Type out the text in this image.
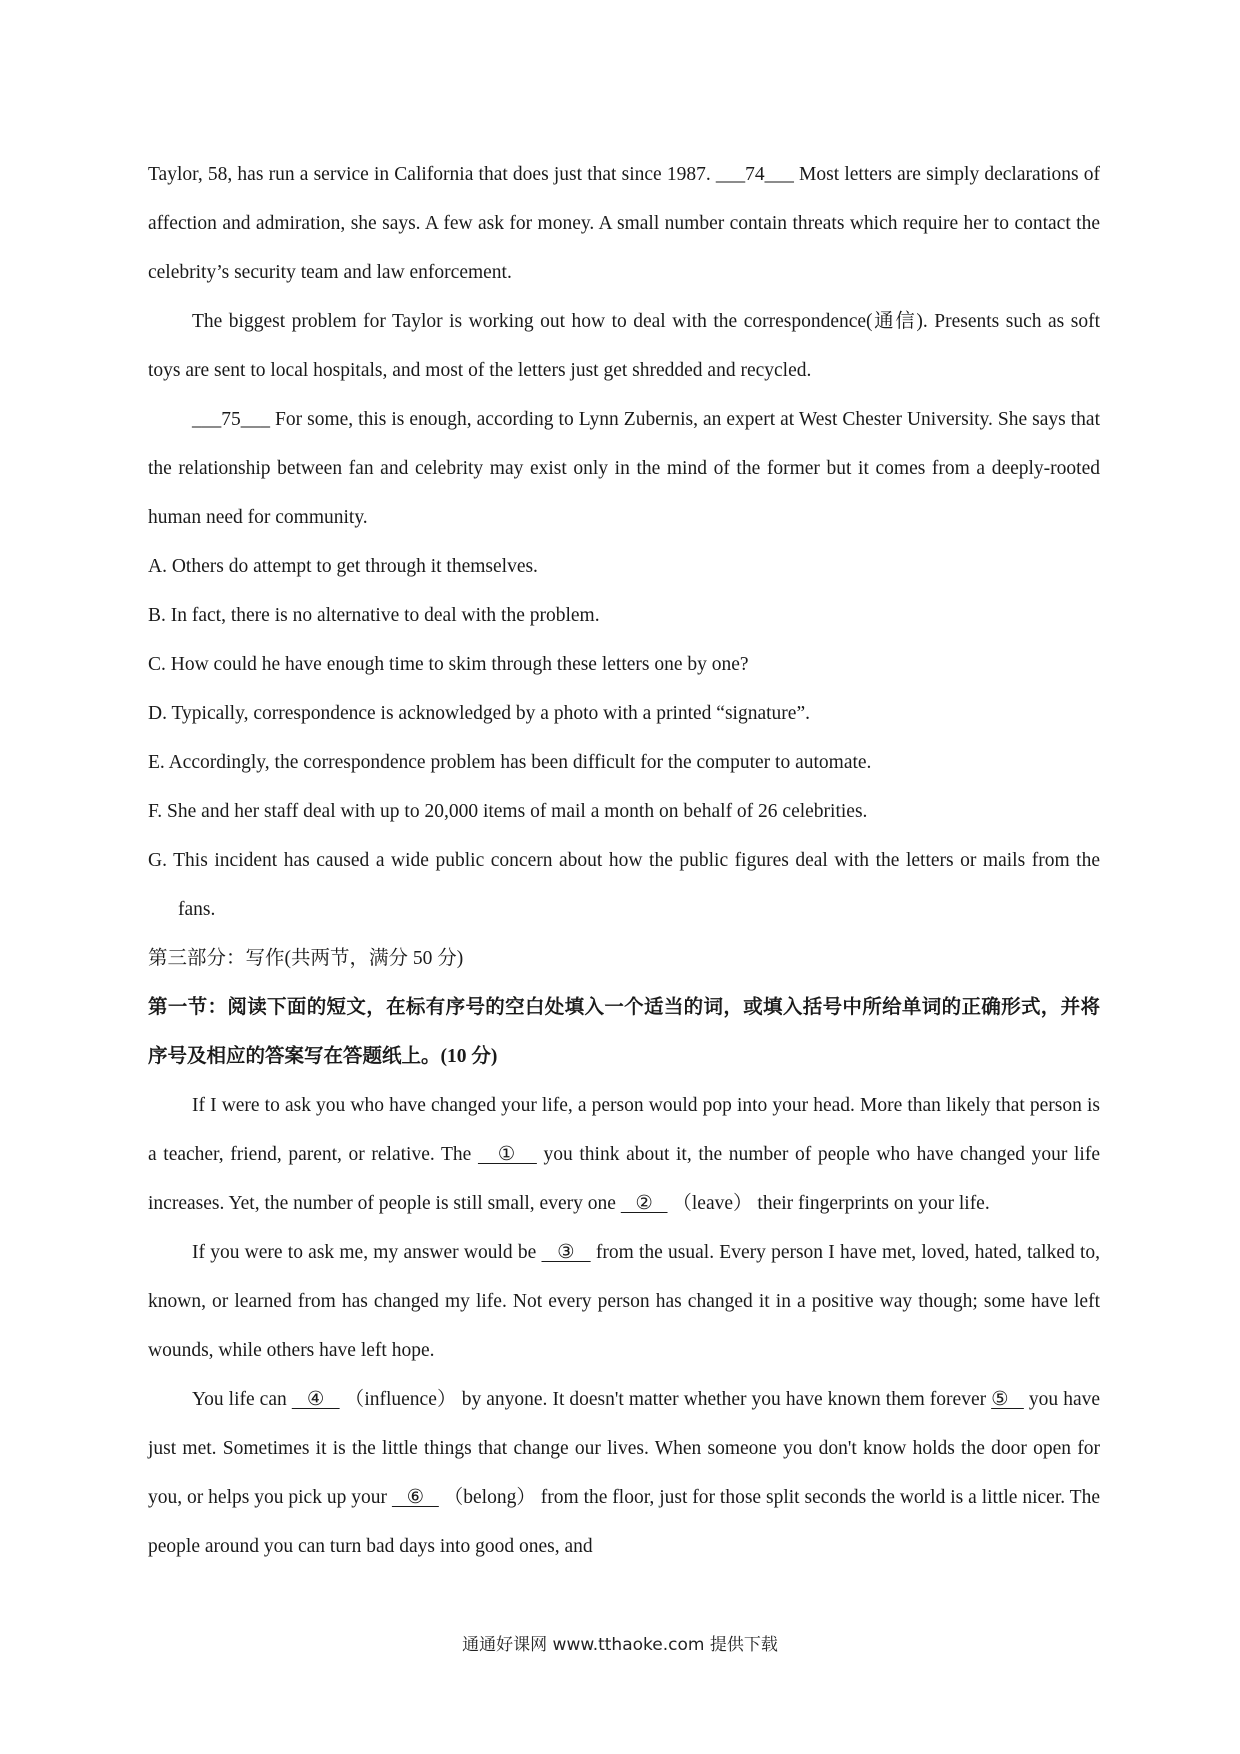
Taylor, 58, has run a service in California that does just that since 1987. ___74___ Most letters are simply declarations of affection and admiration, she says. A few ask for money. A small number contain threats which require her to contact the celebrity’s security team and law enforcement.

The biggest problem for Taylor is working out how to deal with the correspondence(通信). Presents such as soft toys are sent to local hospitals, and most of the letters just get shredded and recycled.

___75___ For some, this is enough, according to Lynn Zubernis, an expert at West Chester University. She says that the relationship between fan and celebrity may exist only in the mind of the former but it comes from a deeply-rooted human need for community.

A. Others do attempt to get through it themselves.

B. In fact, there is no alternative to deal with the problem.

C. How could he have enough time to skim through these letters one by one?

D. Typically, correspondence is acknowledged by a photo with a printed “signature”.

E. Accordingly, the correspondence problem has been difficult for the computer to automate.

F. She and her staff deal with up to 20,000 items of mail a month on behalf of 26 celebrities.

G. This incident has caused a wide public concern about how the public figures deal with the letters or mails from the fans.

第三部分：写作(共两节，满分 50 分)

第一节：阅读下面的短文，在标有序号的空白处填入一个适当的词，或填入括号中所给单词的正确形式，并将序号及相应的答案写在答题纸上。(10 分)

If I were to ask you who have changed your life, a person would pop into your head. More than likely that person is a teacher, friend, parent, or relative. The    ①    you think about it, the number of people who have changed your life increases. Yet, the number of people is still small, every one    ②    （leave） their fingerprints on your life.

If you were to ask me, my answer would be    ③    from the usual. Every person I have met, loved, hated, talked to, known, or learned from has changed my life. Not every person has changed it in a positive way though; some have left wounds, while others have left hope.

You life can    ④    （influence） by anyone. It doesn't matter whether you have known them forever ⑤    you have just met. Sometimes it is the little things that change our lives. When someone you don't know holds the door open for you, or helps you pick up your    ⑥    （belong） from the floor, just for those split seconds the world is a little nicer. The people around you can turn bad days into good ones, and

通通好课网 www.tthaoke.com 提供下载
